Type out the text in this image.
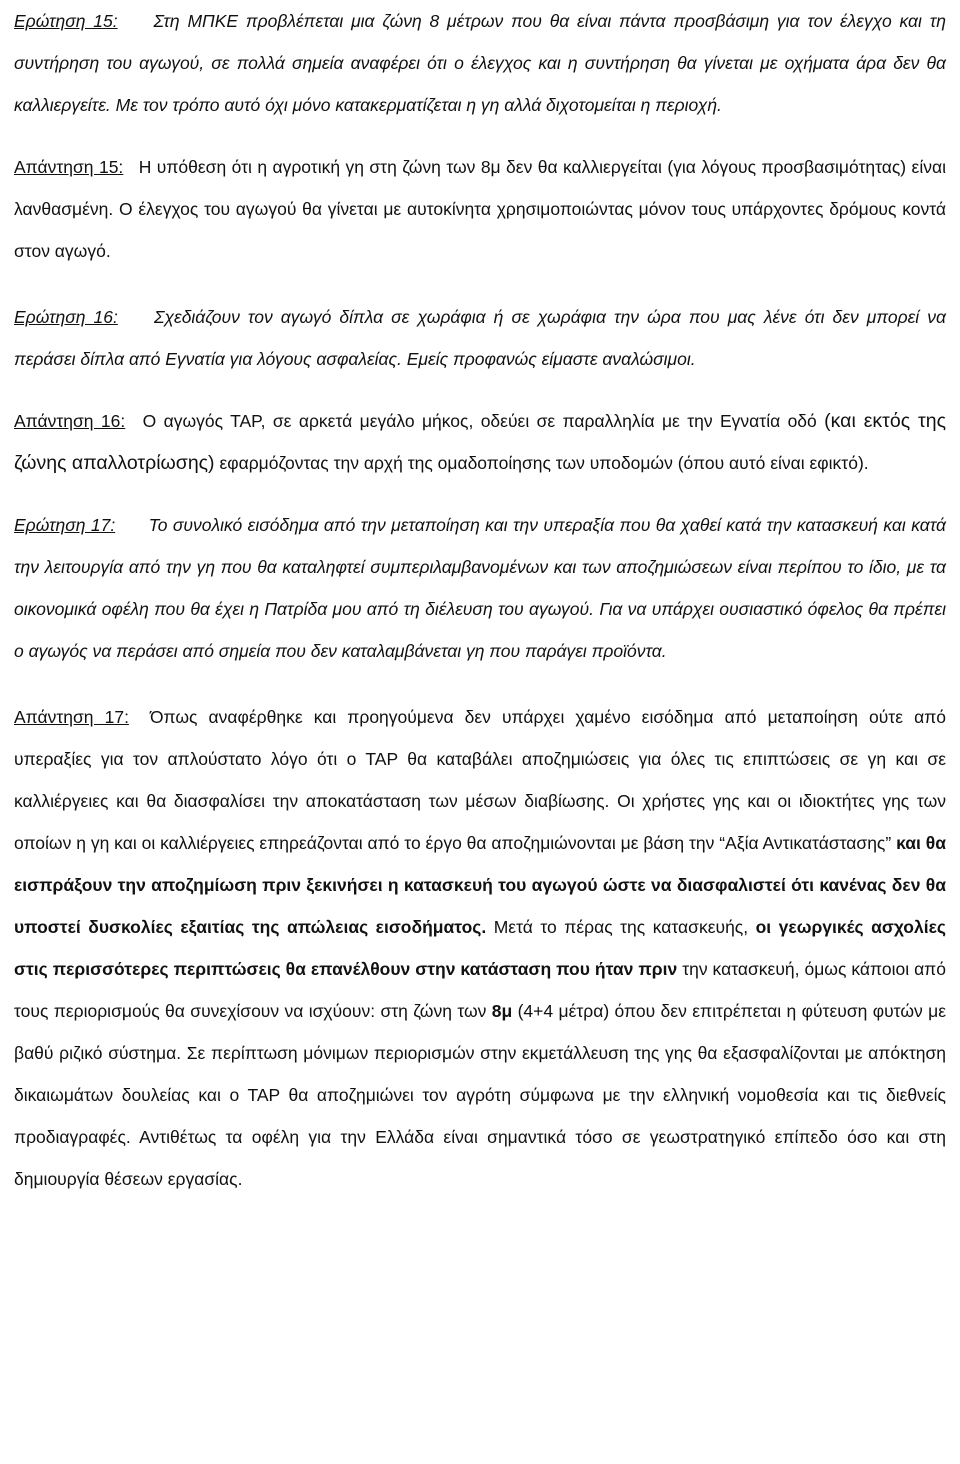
Ερώτηση 15: Στη ΜΠΚΕ προβλέπεται μια ζώνη 8 μέτρων που θα είναι πάντα προσβάσιμη για τον έλεγχο και τη συντήρηση του αγωγού, σε πολλά σημεία αναφέρει ότι ο έλεγχος και η συντήρηση θα γίνεται με οχήματα άρα δεν θα καλλιεργείτε. Με τον τρόπο αυτό όχι μόνο κατακερματίζεται η γη αλλά διχοτομείται η περιοχή.

Απάντηση 15: Η υπόθεση ότι η αγροτική γη στη ζώνη των 8μ δεν θα καλλιεργείται (για λόγους προσβασιμότητας) είναι λανθασμένη. Ο έλεγχος του αγωγού θα γίνεται με αυτοκίνητα χρησιμοποιώντας μόνον τους υπάρχοντες δρόμους κοντά στον αγωγό.

Ερώτηση 16: Σχεδιάζουν τον αγωγό δίπλα σε χωράφια ή σε χωράφια την ώρα που μας λένε ότι δεν μπορεί να περάσει δίπλα από Εγνατία για λόγους ασφαλείας. Εμείς προφανώς είμαστε αναλώσιμοι.

Απάντηση 16: Ο αγωγός ΤΑΡ, σε αρκετά μεγάλο μήκος, οδεύει σε παραλληλία με την Εγνατία οδό (και εκτός της ζώνης απαλλοτρίωσης) εφαρμόζοντας την αρχή της ομαδοποίησης των υποδομών (όπου αυτό είναι εφικτό).

Ερώτηση 17: Το συνολικό εισόδημα από την μεταποίηση και την υπεραξία που θα χαθεί κατά την κατασκευή και κατά την λειτουργία από την γη που θα καταληφτεί συμπεριλαμβανομένων και των αποζημιώσεων είναι περίπου το ίδιο, με τα οικονομικά οφέλη που θα έχει η Πατρίδα μου από τη διέλευση του αγωγού. Για να υπάρχει ουσιαστικό όφελος θα πρέπει ο αγωγός να περάσει από σημεία που δεν καταλαμβάνεται γη που παράγει προϊόντα.

Απάντηση 17: Όπως αναφέρθηκε και προηγούμενα δεν υπάρχει χαμένο εισόδημα από μεταποίηση ούτε από υπεραξίες για τον απλούστατο λόγο ότι ο ΤΑΡ θα καταβάλει αποζημιώσεις για όλες τις επιπτώσεις σε γη και σε καλλιέργειες και θα διασφαλίσει την αποκατάσταση των μέσων διαβίωσης. Οι χρήστες γης και οι ιδιοκτήτες γης των οποίων η γη και οι καλλιέργειες επηρεάζονται από το έργο θα αποζημιώνονται με βάση την “Αξία Αντικατάστασης” και θα εισπράξουν την αποζημίωση πριν ξεκινήσει η κατασκευή του αγωγού ώστε να διασφαλιστεί ότι κανένας δεν θα υποστεί δυσκολίες εξαιτίας της απώλειας εισοδήματος. Μετά το πέρας της κατασκευής, οι γεωργικές ασχολίες στις περισσότερες περιπτώσεις θα επανέλθουν στην κατάσταση που ήταν πριν την κατασκευή, όμως κάποιοι από τους περιορισμούς θα συνεχίσουν να ισχύουν: στη ζώνη των 8μ (4+4 μέτρα) όπου δεν επιτρέπεται η φύτευση φυτών με βαθύ ριζικό σύστημα. Σε περίπτωση μόνιμων περιορισμών στην εκμετάλλευση της γης θα εξασφαλίζονται με απόκτηση δικαιωμάτων δουλείας και ο ΤΑΡ θα αποζημιώνει τον αγρότη σύμφωνα με την ελληνική νομοθεσία και τις διεθνείς προδιαγραφές. Αντιθέτως τα οφέλη για την Ελλάδα είναι σημαντικά τόσο σε γεωστρατηγικό επίπεδο όσο και στη δημιουργία θέσεων εργασίας.
